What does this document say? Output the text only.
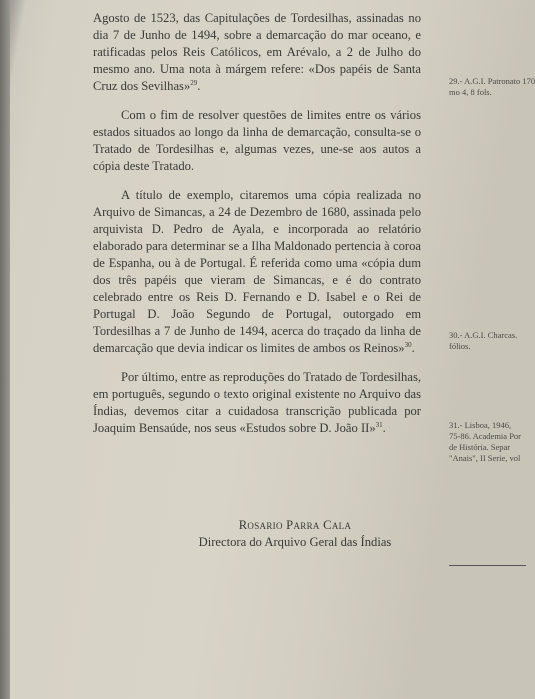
Agosto de 1523, das Capitulações de Tordesilhas, assinadas no dia 7 de Junho de 1494, sobre a demarcação do mar oceano, e ratificadas pelos Reis Católicos, em Arévalo, a 2 de Julho do mesmo ano. Uma nota à márgem refere: «Dos papéis de Santa Cruz dos Sevilhas»$^{29}$.

Com o fim de resolver questões de limites entre os vários estados situados ao longo da linha de demarcação, consulta-se o Tratado de Tordesilhas e, algumas vezes, une-se aos autos a cópia deste Tratado.

A título de exemplo, citaremos uma cópia realizada no Arquivo de Simancas, a 24 de Dezembro de 1680, assinada pelo arquivista D. Pedro de Ayala, e incorporada ao relatório elaborado para determinar se a Ilha Maldonado pertencia à coroa de Espanha, ou à de Portugal. É referida como uma «cópia dum dos três papéis que vieram de Simancas, e é do contrato celebrado entre os Reis D. Fernando e D. Isabel e o Rei de Portugal D. João Segundo de Portugal, outorgado em Tordesilhas a 7 de Junho de 1494, acerca do traçado da linha de demarcação que devia indicar os limites de ambos os Reinos»$^{30}$.

Por último, entre as reproduções do Tratado de Tordesilhas, em português, segundo o texto original existente no Arquivo das Índias, devemos citar a cuidadosa transcrição publicada por Joaquim Bensaúde, nos seus «Estudos sobre D. João II»$^{31}$.

Rosario Parra Cala
Directora do Arquivo Geral das Índias
29.- A.G.I. Patronato 170
mo 4, 8 fols.
30.- A.G.I. Charcas.
fólios.
31.- Lisboa, 1946,
75-86. Academia Por
de História. Separ
"Anais", II Serie, vol
